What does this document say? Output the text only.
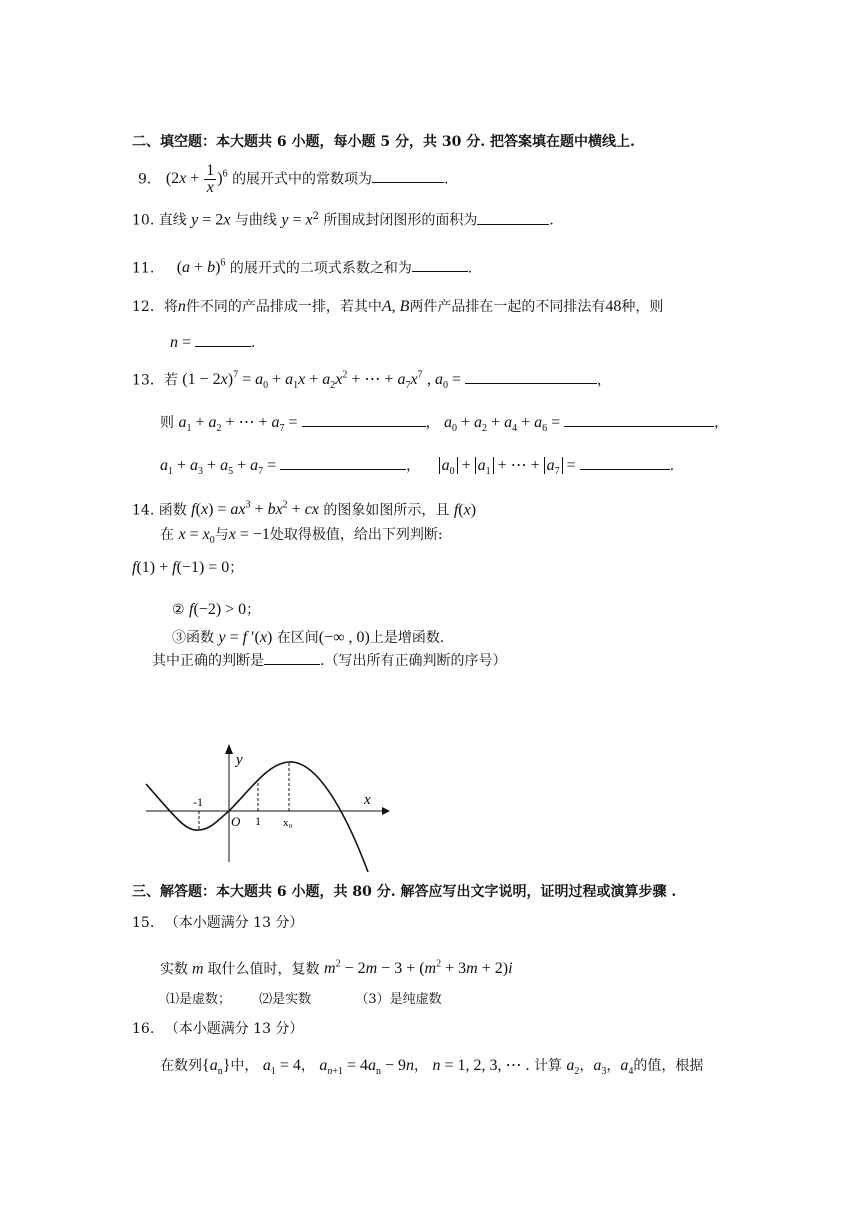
二、填空题：本大题共 6 小题，每小题 5 分，共 30 分. 把答案填在题中横线上.
9. $(2x + \frac{1}{x} )^6$ 的展开式中的常数项为	.
10. 直线 y = 2x 与曲线 $y = x^2$ 所围成封闭图形的面积为	.
11. $(a + b)^6$ 的展开式的二项式系数之和为	.
12．将n件不同的产品排成一排，若其中A, B两件产品排在一起的不同排法有48种，则
n =	.
13．若 $(1 - 2x)^7 = a_0 + a_1x + a_2x^2$ + ⋯ + $a_7x^7$ , $a_0$ =	，
则 $a_1 + a_2$ + ⋯ + $a_7$ =	， $a_0 + a_2 + a_4 + a_6$ =	，
$a_1 + a_3 + a_5 + a_7$ =	， $a_0 + a_1$ + ⋯ + $a_7$ =	.
14. 函数 $f(x) = ax^3 + bx^2$ + cx 的图象如图所示，且 f(x)
在 $x = x_0$与x = −1处取得极值，给出下列判断:
f(1) + f(−1) = 0；
② f(−2) > 0；
③函数 y = f ′(x) 在区间(−∞ , 0)上是增函数.
其中正确的判断是	.（写出所有正确判断的序号）
y
x
O
-1
1 x₀
三、解答题：本大题共 6 小题，共 80 分. 解答应写出文字说明，证明过程或演算步骤 .
15. （本小题满分 13 分）
实数 m 取什么值时，复数 $m^2 - 2m - 3 + (m^2 + 3m + 2)i$
⑴是虚数； ⑵是实数	（3）是纯虚数
16. （本小题满分 13 分）
在数列$\{a_n\}$中， $a_1 = 4$， $a_{n+1} = 4a_n - 9n$， n = 1, 2, 3, ⋯ . 计算 $a_2$，$a_3$，$a_4$的值，根据
